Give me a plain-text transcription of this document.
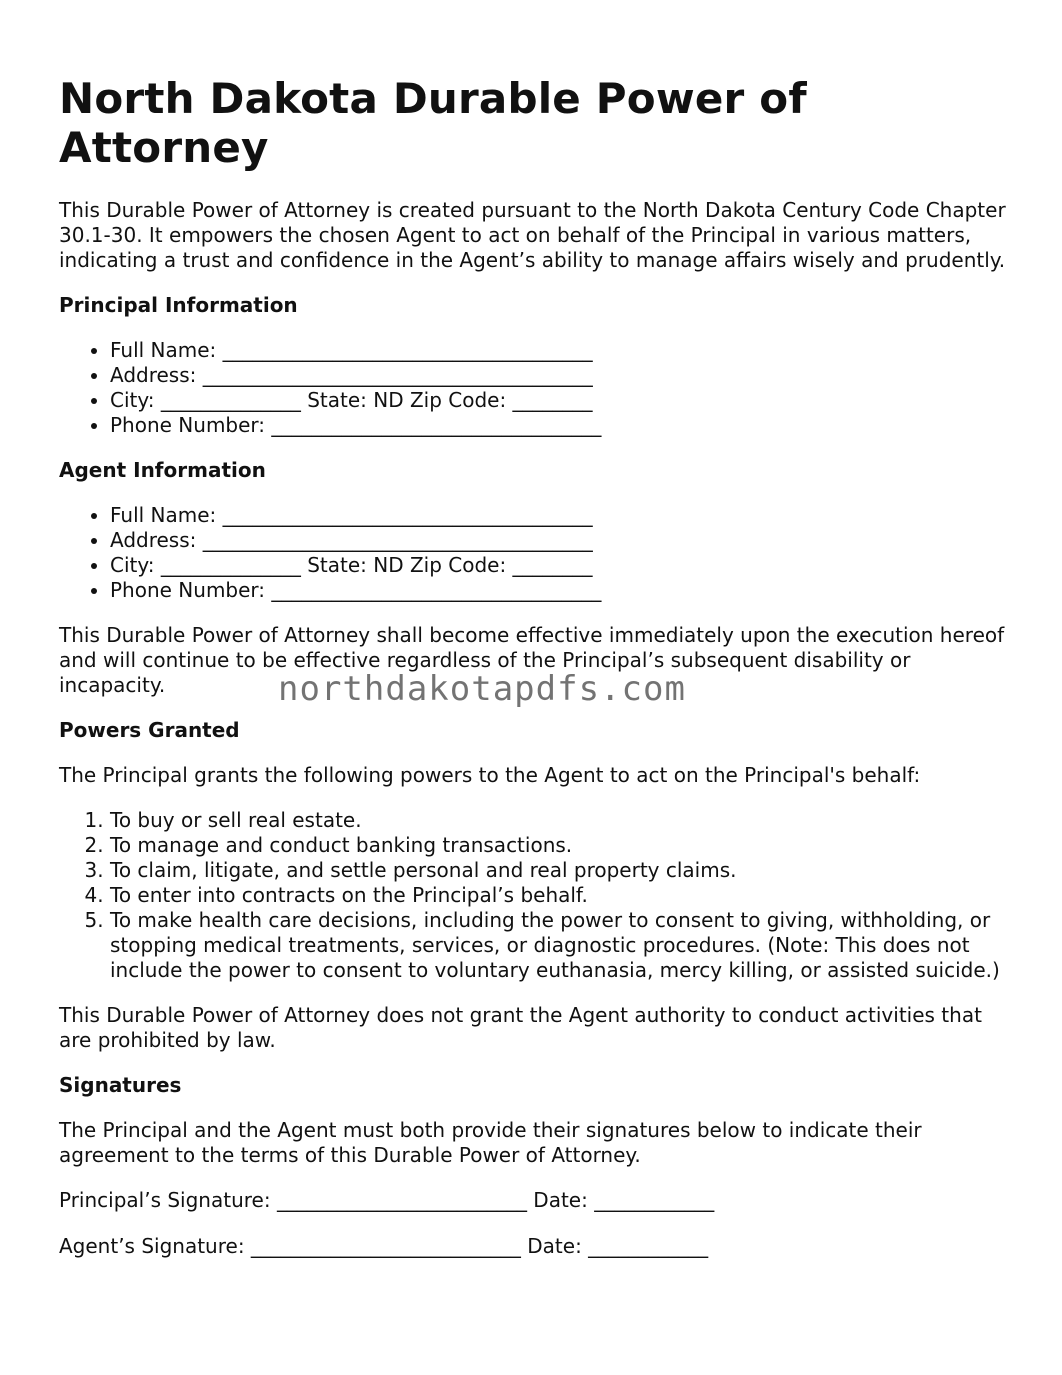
North Dakota Durable Power of Attorney

This Durable Power of Attorney is created pursuant to the North Dakota Century Code Chapter 30.1-30. It empowers the chosen Agent to act on behalf of the Principal in various matters, indicating a trust and confidence in the Agent’s ability to manage affairs wisely and prudently.

Principal Information
• Full Name: _____________________________________
• Address: _______________________________________
• City: ______________ State: ND Zip Code: ________
• Phone Number: _________________________________
Agent Information
• Full Name: _____________________________________
• Address: _______________________________________
• City: ______________ State: ND Zip Code: ________
• Phone Number: _________________________________

This Durable Power of Attorney shall become effective immediately upon the execution hereof and will continue to be effective regardless of the Principal’s subsequent disability or incapacity.

Powers Granted

The Principal grants the following powers to the Agent to act on the Principal's behalf:

1. To buy or sell real estate.
2. To manage and conduct banking transactions.
3. To claim, litigate, and settle personal and real property claims.
4. To enter into contracts on the Principal’s behalf.
5. To make health care decisions, including the power to consent to giving, withholding, or stopping medical treatments, services, or diagnostic procedures. (Note: This does not include the power to consent to voluntary euthanasia, mercy killing, or assisted suicide.)

This Durable Power of Attorney does not grant the Agent authority to conduct activities that are prohibited by law.

Signatures

The Principal and the Agent must both provide their signatures below to indicate their agreement to the terms of this Durable Power of Attorney.

Principal’s Signature: _________________________ Date: ____________
Agent’s Signature: ___________________________ Date: ____________
northdakotapdfs.com
